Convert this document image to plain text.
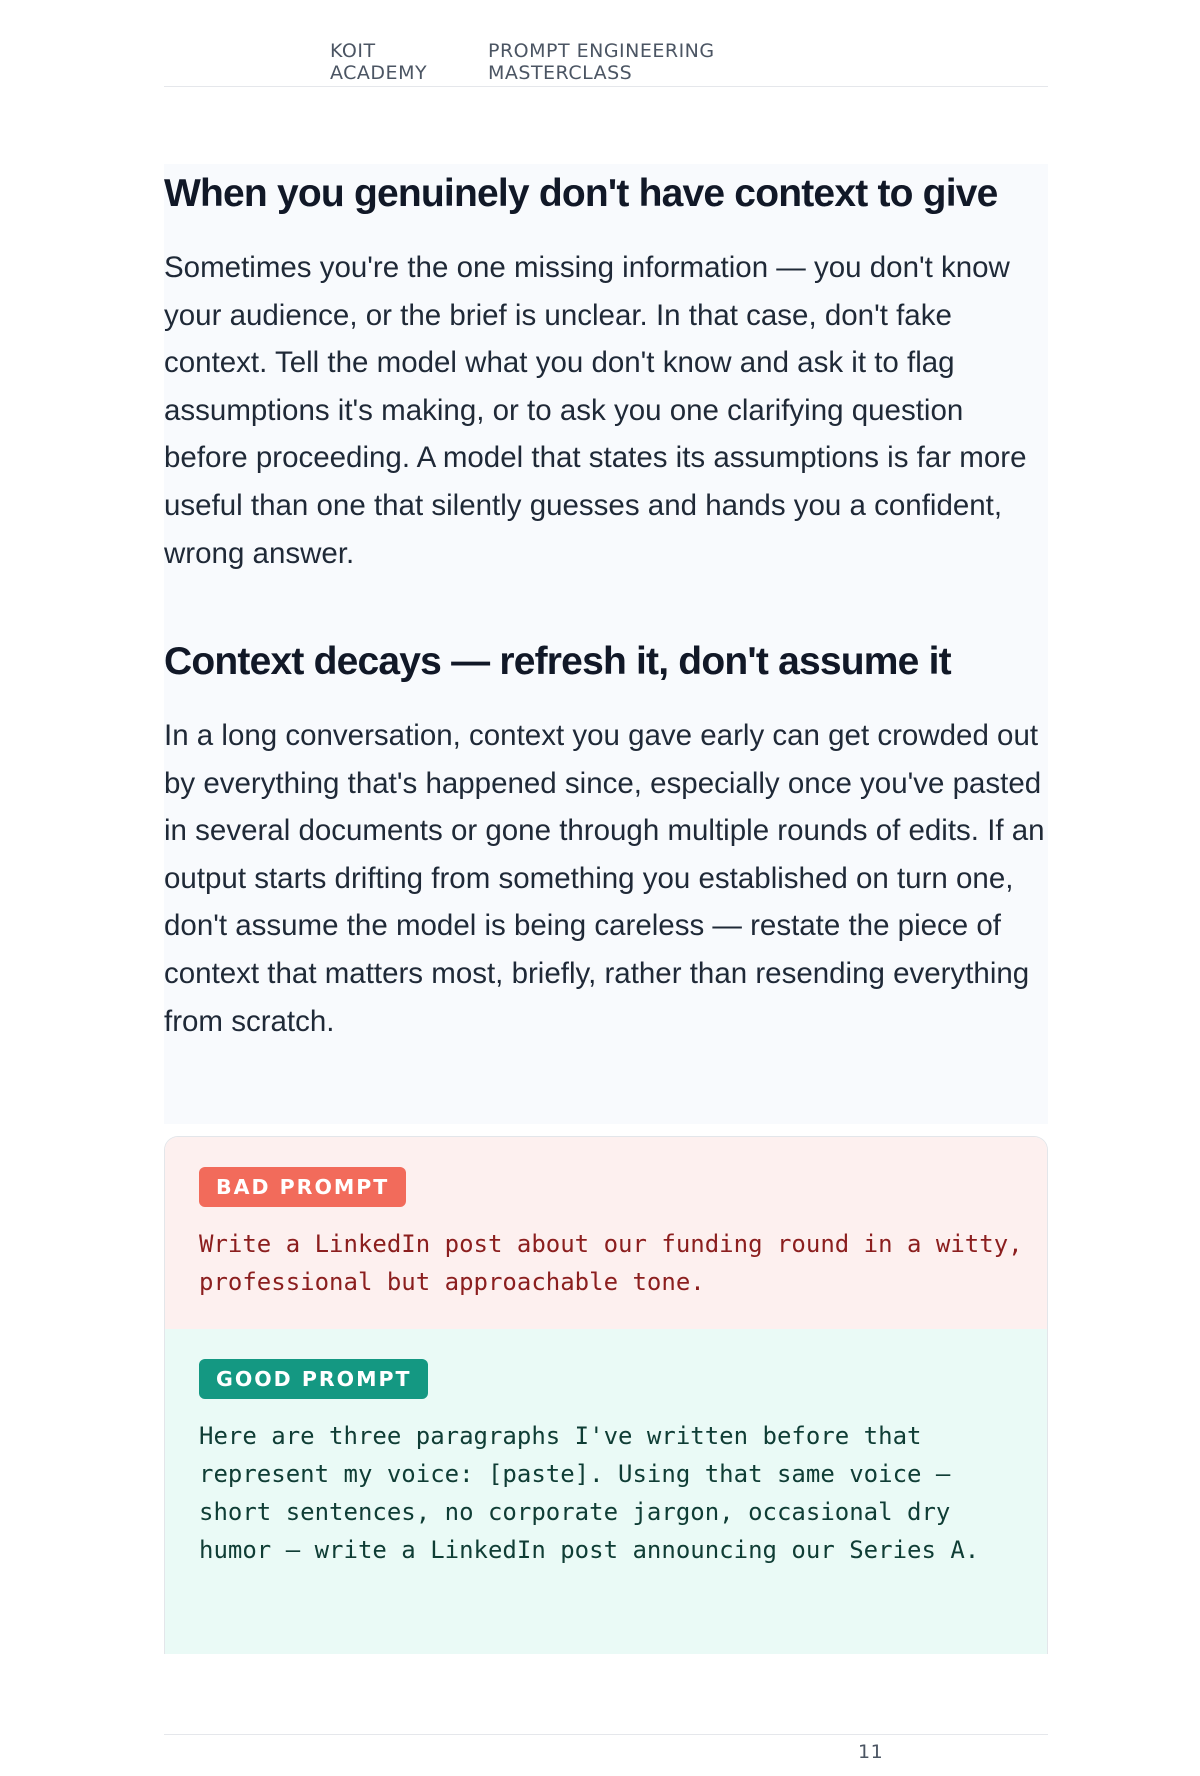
KOIT ACADEMY
PROMPT ENGINEERING MASTERCLASS
When you genuinely don't have context to give

Sometimes you're the one missing information — you don't know your audience, or the brief is unclear. In that case, don't fake context. Tell the model what you don't know and ask it to flag assumptions it's making, or to ask you one clarifying question before proceeding. A model that states its assumptions is far more useful than one that silently guesses and hands you a confident, wrong answer.

Context decays — refresh it, don't assume it

In a long conversation, context you gave early can get crowded out by everything that's happened since, especially once you've pasted in several documents or gone through multiple rounds of edits. If an output starts drifting from something you established on turn one, don't assume the model is being careless — restate the piece of context that matters most, briefly, rather than resending everything from scratch.

BAD PROMPT
Write a LinkedIn post about our funding round in a witty, professional but approachable tone.
GOOD PROMPT
Here are three paragraphs I've written before that represent my voice: [paste]. Using that same voice — short sentences, no corporate jargon, occasional dry humor — write a LinkedIn post announcing our Series A.
11
